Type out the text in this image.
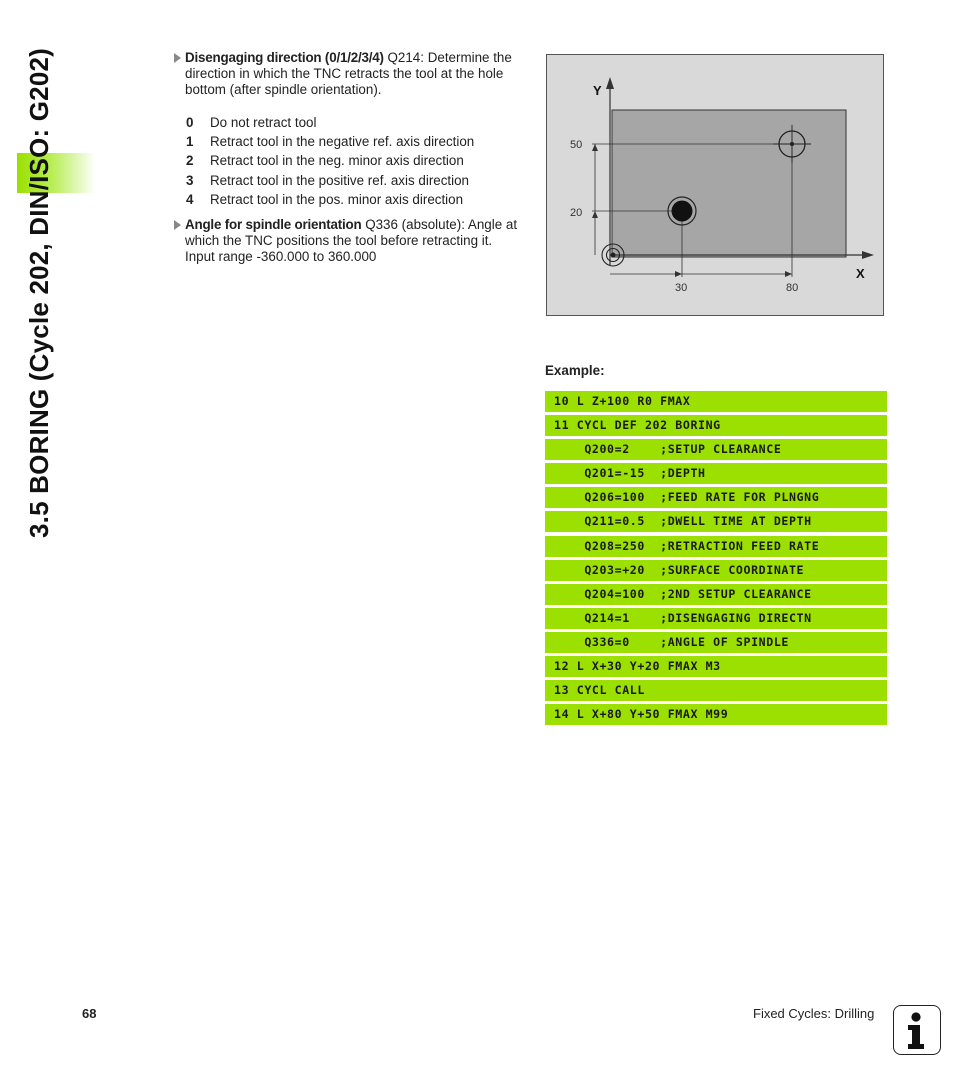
3.5 BORING (Cycle 202, DIN/ISO: G202)	Disengaging direction (0/1/2/3/4) Q214: Determine the direction in which the TNC retracts the tool at the hole bottom (after spindle orientation).
0 Do not retract tool
1 Retract tool in the negative ref. axis direction
2 Retract tool in the neg. minor axis direction
3 Retract tool in the positive ref. axis direction
4 Retract tool in the pos. minor axis direction
Angle for spindle orientation Q336 (absolute): Angle at which the TNC positions the tool before retracting it. Input range -360.000 to 360.000
Y
X
50
20
30	80
Example:
10 L Z+100 R0 FMAX
11 CYCL DEF 202 BORING
Q200=2    ;SETUP CLEARANCE
Q201=-15  ;DEPTH
Q206=100  ;FEED RATE FOR PLNGNG
Q211=0.5  ;DWELL TIME AT DEPTH
Q208=250  ;RETRACTION FEED RATE
Q203=+20  ;SURFACE COORDINATE
Q204=100  ;2ND SETUP CLEARANCE
Q214=1    ;DISENGAGING DIRECTN
Q336=0    ;ANGLE OF SPINDLE
12 L X+30 Y+20 FMAX M3
13 CYCL CALL
14 L X+80 Y+50 FMAX M99
68	Fixed Cycles: Drilling
